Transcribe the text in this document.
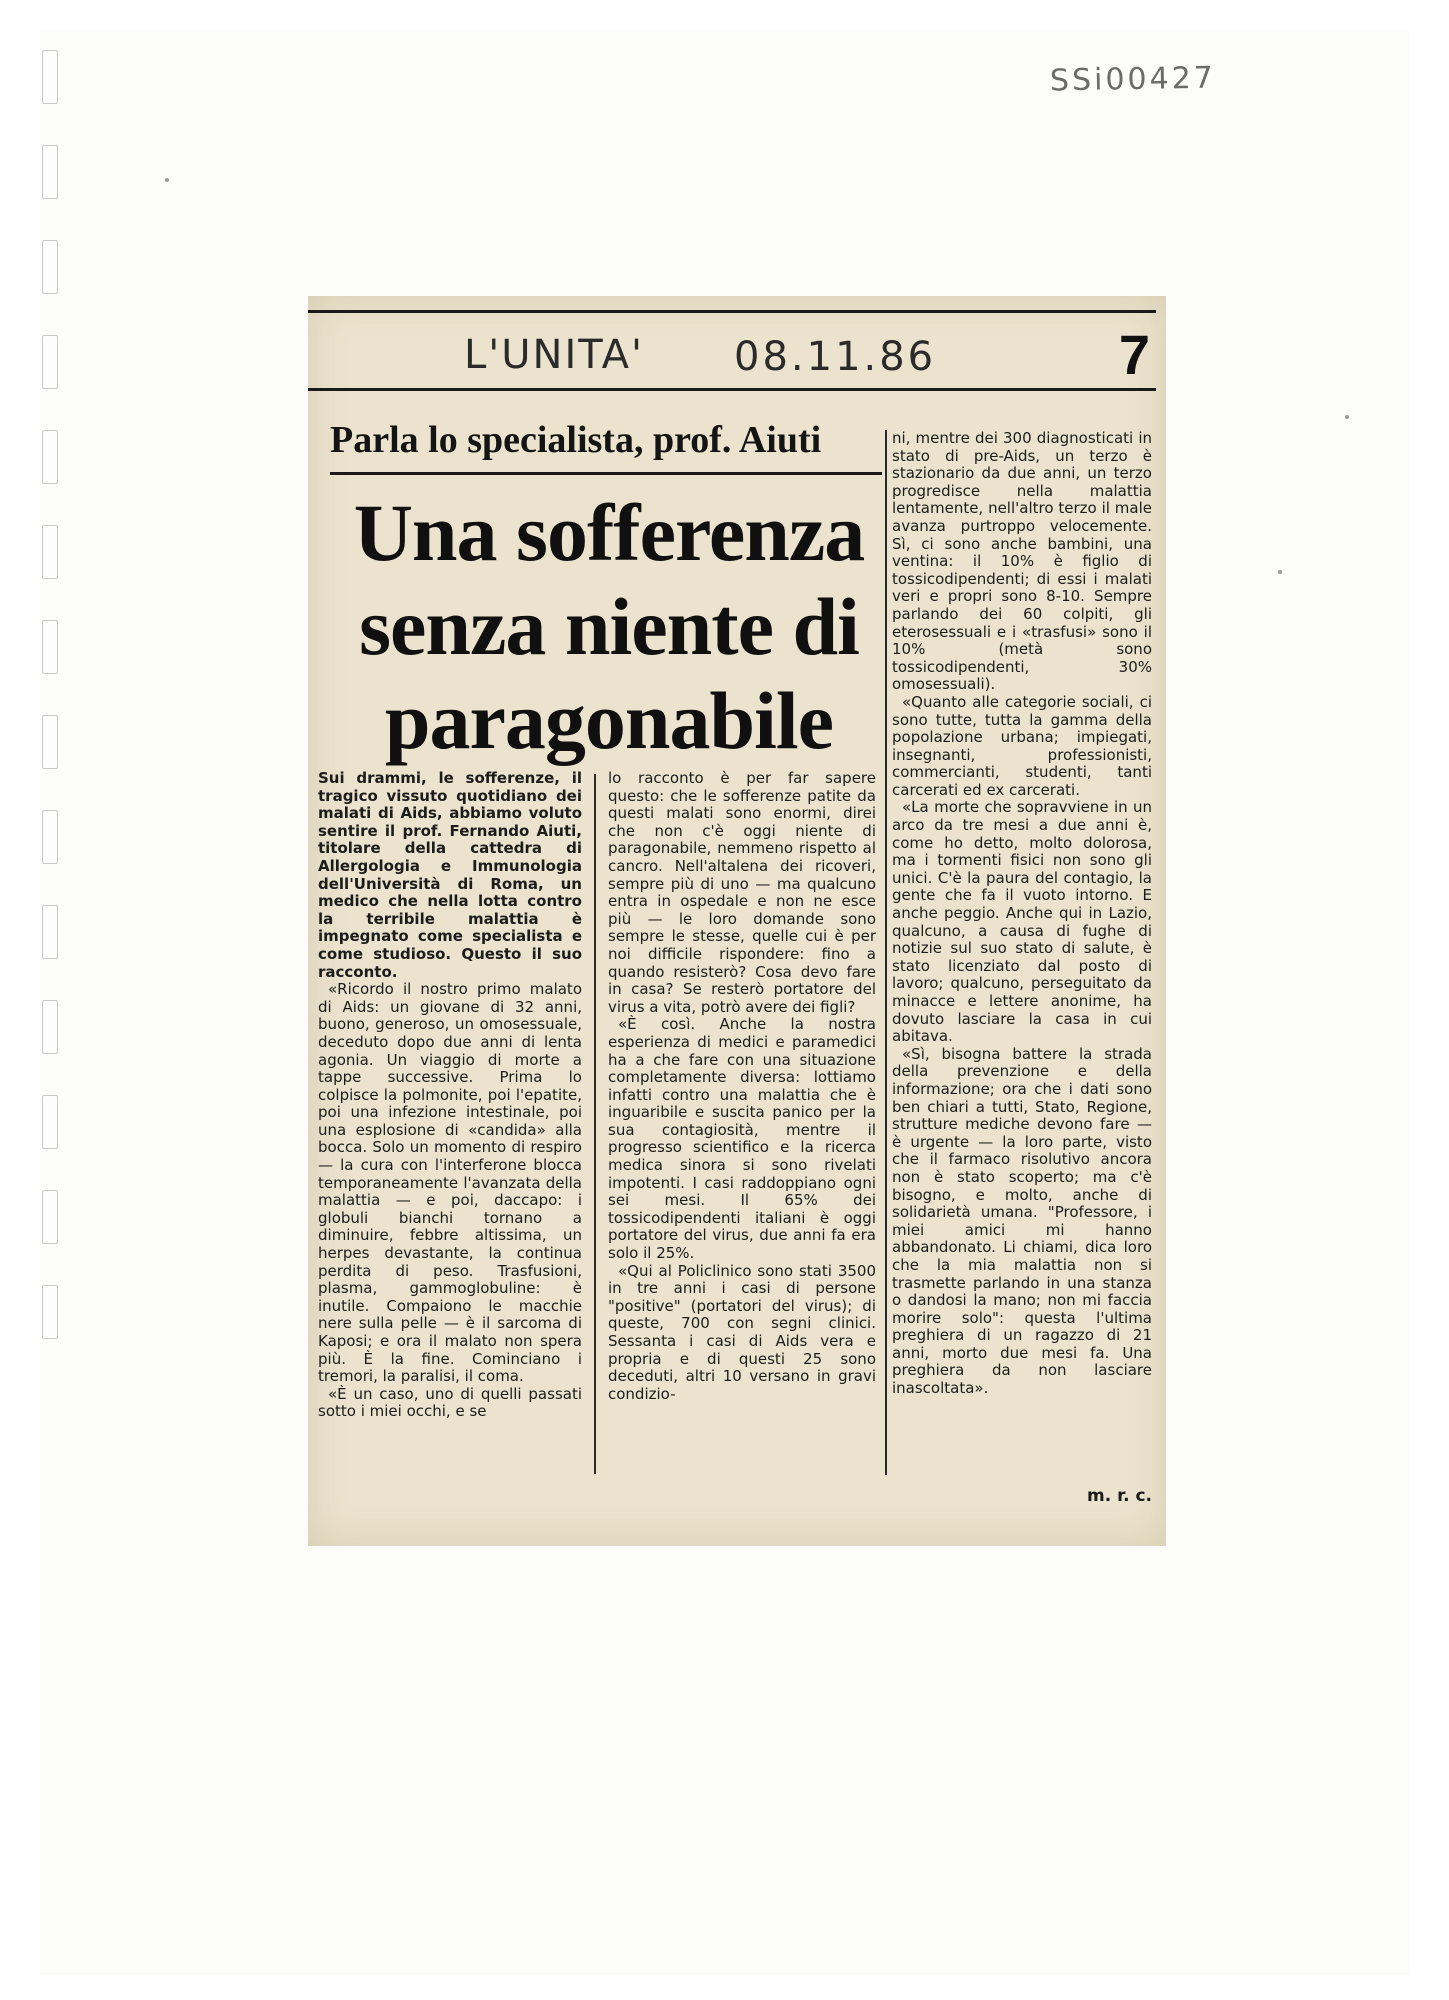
SSi00427
L'UNITA' 08.11.86	7
Parla lo specialista, prof. Aiuti
Una sofferenza senza niente di paragonabile

Sui drammi, le sofferenze, il tragico vissuto quotidiano dei malati di Aids, abbiamo voluto sentire il prof. Fernando Aiuti, titolare della cattedra di Allergologia e Immunologia dell'Università di Roma, un medico che nella lotta contro la terribile malattia è impegnato come specialista e come studioso. Questo il suo racconto.

«Ricordo il nostro primo malato di Aids: un giovane di 32 anni, buono, generoso, un omosessuale, deceduto dopo due anni di lenta agonia. Un viaggio di morte a tappe successive. Prima lo colpisce la polmonite, poi l'epatite, poi una infezione intestinale, poi una esplosione di «candida» alla bocca. Solo un momento di respiro — la cura con l'interferone blocca temporaneamente l'avanzata della malattia — e poi, daccapo: i globuli bianchi tornano a diminuire, febbre altissima, un herpes devastante, la continua perdita di peso. Trasfusioni, plasma, gammoglobuline: è inutile. Compaiono le macchie nere sulla pelle — è il sarcoma di Kaposi; e ora il malato non spera più. È la fine. Cominciano i tremori, la paralisi, il coma.

«È un caso, uno di quelli passati sotto i miei occhi, e se

lo racconto è per far sapere questo: che le sofferenze patite da questi malati sono enormi, direi che non c'è oggi niente di paragonabile, nemmeno rispetto al cancro. Nell'altalena dei ricoveri, sempre più di uno — ma qualcuno entra in ospedale e non ne esce più — le loro domande sono sempre le stesse, quelle cui è per noi difficile rispondere: fino a quando resisterò? Cosa devo fare in casa? Se resterò portatore del virus a vita, potrò avere dei figli?

«È così. Anche la nostra esperienza di medici e paramedici ha a che fare con una situazione completamente diversa: lottiamo infatti contro una malattia che è inguaribile e suscita panico per la sua contagiosità, mentre il progresso scientifico e la ricerca medica sinora si sono rivelati impotenti. I casi raddoppiano ogni sei mesi. Il 65% dei tossicodipendenti italiani è oggi portatore del virus, due anni fa era solo il 25%.

«Qui al Policlinico sono stati 3500 in tre anni i casi di persone "positive" (portatori del virus); di queste, 700 con segni clinici. Sessanta i casi di Aids vera e propria e di questi 25 sono deceduti, altri 10 versano in gravi condizio-

ni, mentre dei 300 diagnosticati in stato di pre-Aids, un terzo è stazionario da due anni, un terzo progredisce nella malattia lentamente, nell'altro terzo il male avanza purtroppo velocemente. Sì, ci sono anche bambini, una ventina: il 10% è figlio di tossicodipendenti; di essi i malati veri e propri sono 8-10. Sempre parlando dei 60 colpiti, gli eterosessuali e i «trasfusi» sono il 10% (metà sono tossicodipendenti, 30% omosessuali).

«Quanto alle categorie sociali, ci sono tutte, tutta la gamma della popolazione urbana; impiegati, insegnanti, professionisti, commercianti, studenti, tanti carcerati ed ex carcerati.

«La morte che sopravviene in un arco da tre mesi a due anni è, come ho detto, molto dolorosa, ma i tormenti fisici non sono gli unici. C'è la paura del contagio, la gente che fa il vuoto intorno. E anche peggio. Anche qui in Lazio, qualcuno, a causa di fughe di notizie sul suo stato di salute, è stato licenziato dal posto di lavoro; qualcuno, perseguitato da minacce e lettere anonime, ha dovuto lasciare la casa in cui abitava.

«Sì, bisogna battere la strada della prevenzione e della informazione; ora che i dati sono ben chiari a tutti, Stato, Regione, strutture mediche devono fare — è urgente — la loro parte, visto che il farmaco risolutivo ancora non è stato scoperto; ma c'è bisogno, e molto, anche di solidarietà umana. "Professore, i miei amici mi hanno abbandonato. Li chiami, dica loro che la mia malattia non si trasmette parlando in una stanza o dandosi la mano; non mi faccia morire solo": questa l'ultima preghiera di un ragazzo di 21 anni, morto due mesi fa. Una preghiera da non lasciare inascoltata».

m. r. c.
